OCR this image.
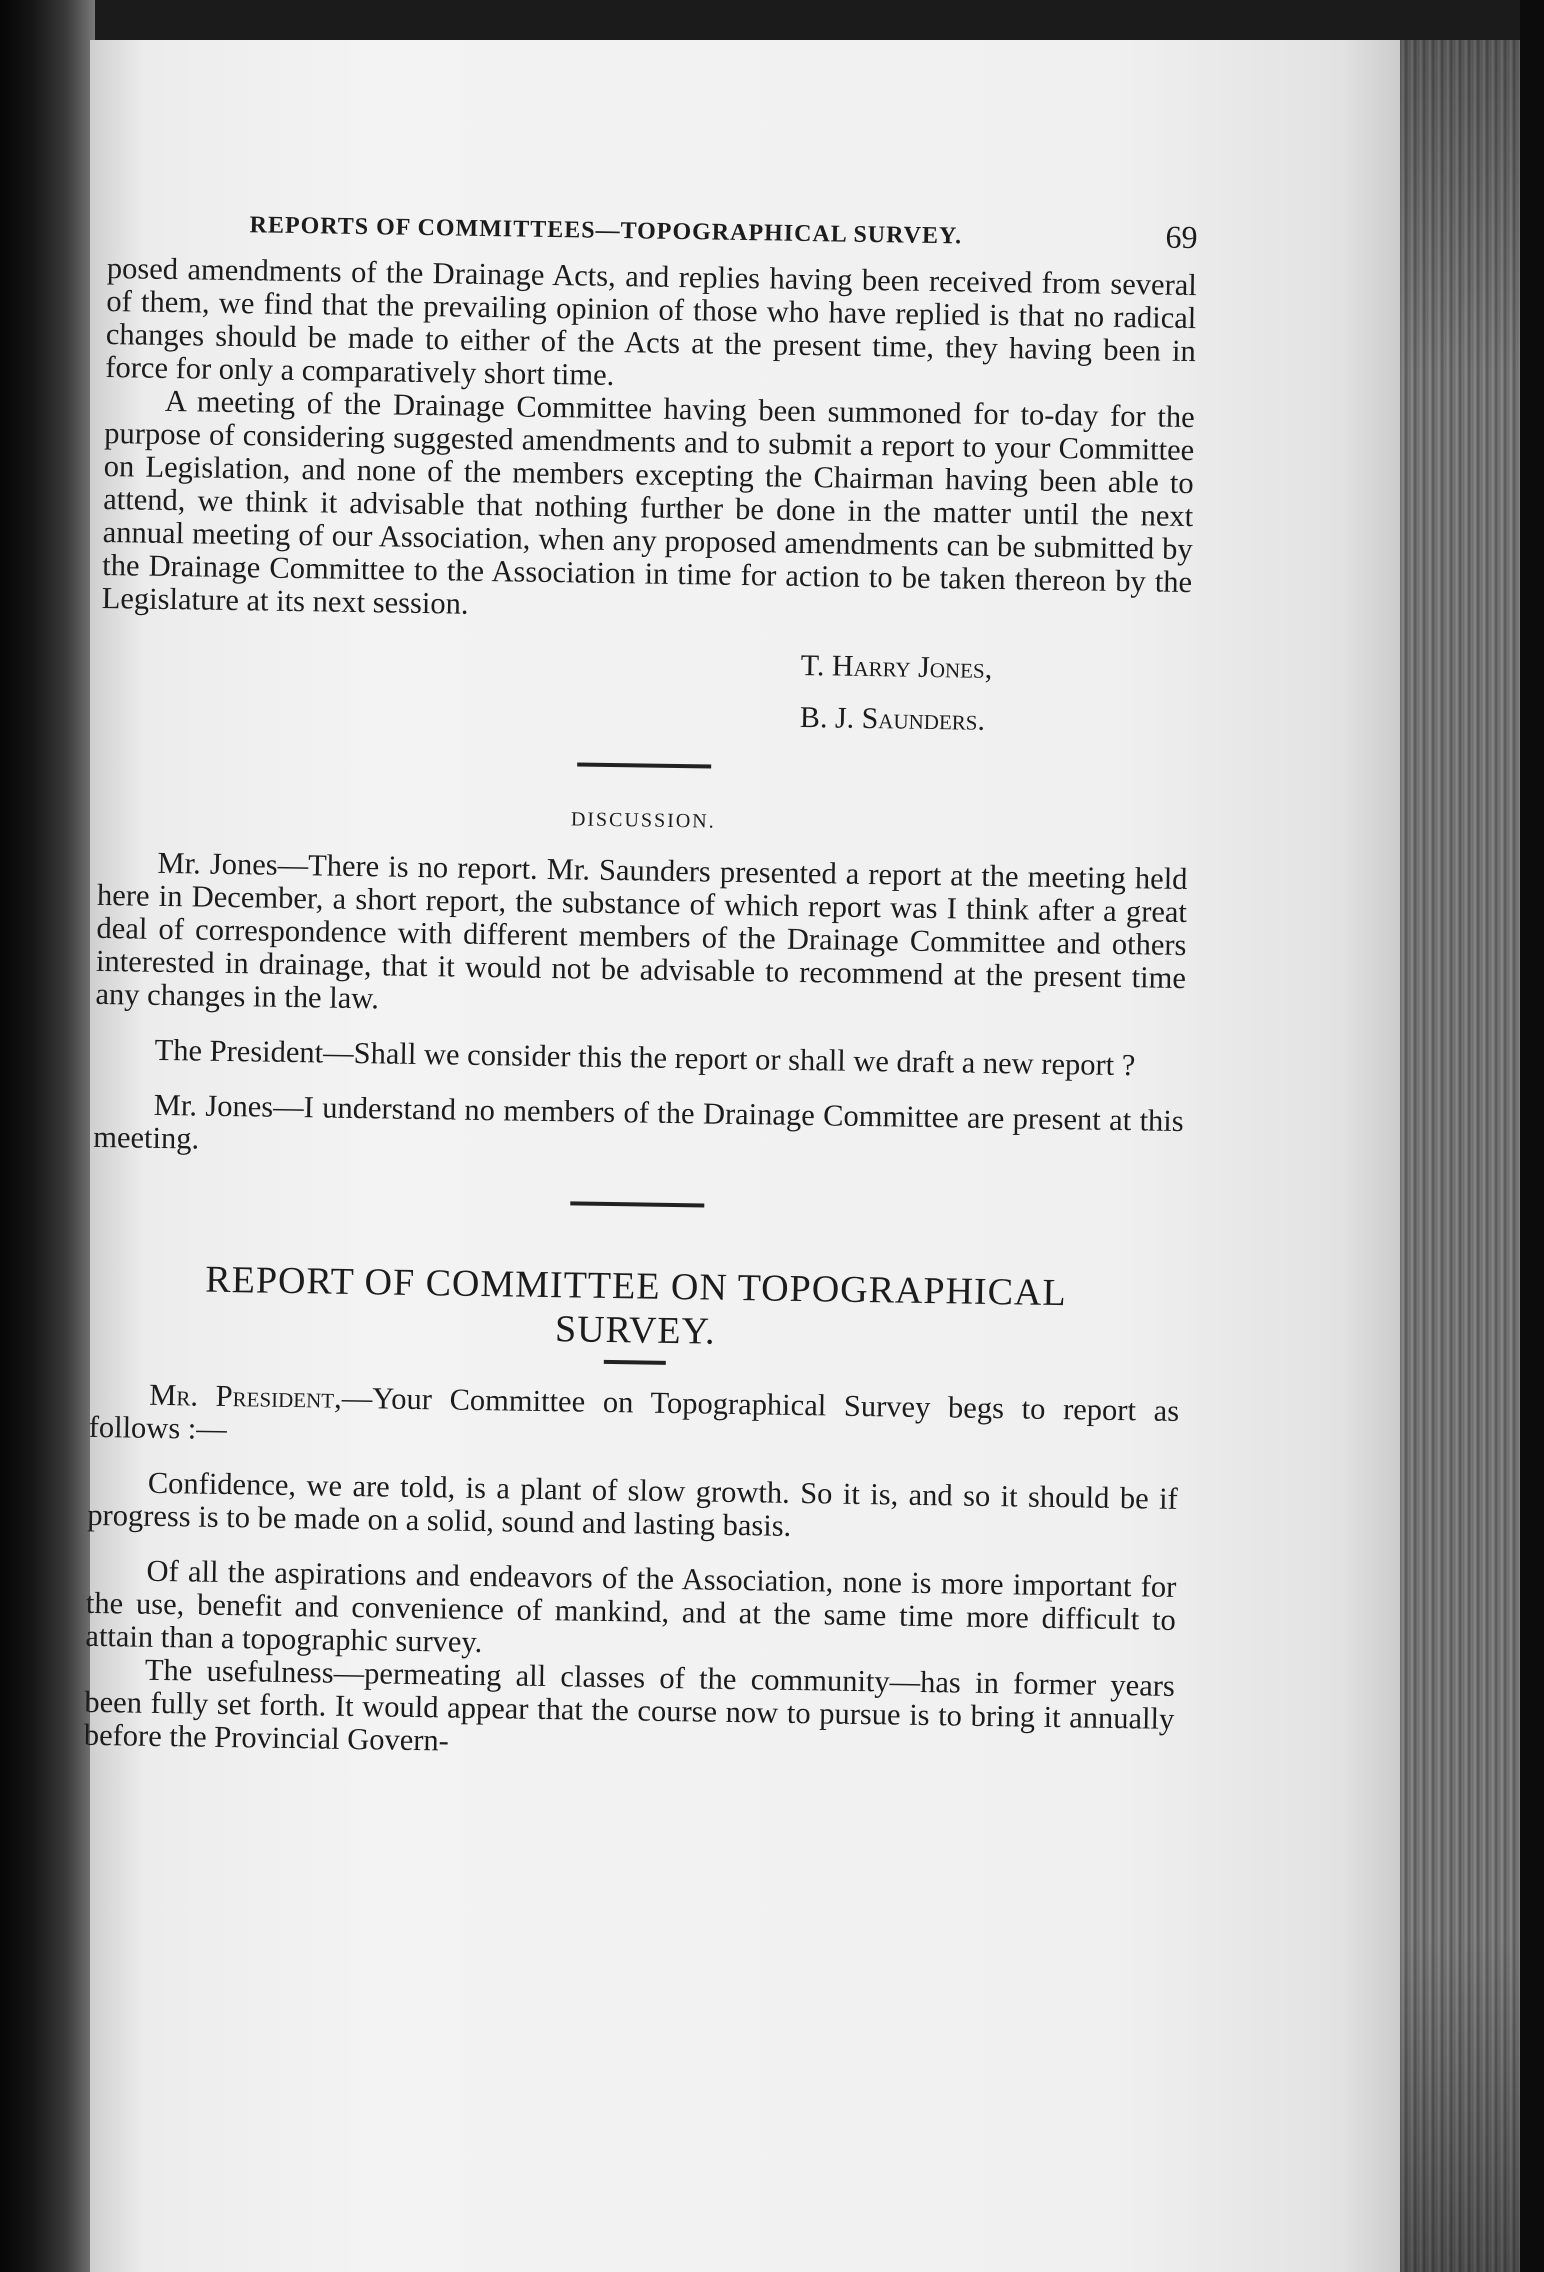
REPORTS OF COMMITTEES—TOPOGRAPHICAL SURVEY.	69

posed amendments of the Drainage Acts, and replies having been received from several of them, we find that the prevailing opinion of those who have replied is that no radical changes should be made to either of the Acts at the present time, they having been in force for only a comparatively short time.

A meeting of the Drainage Committee having been summoned for to-day for the purpose of considering suggested amendments and to submit a report to your Committee on Legislation, and none of the members excepting the Chairman having been able to attend, we think it advisable that nothing further be done in the matter until the next annual meeting of our Association, when any proposed amendments can be submitted by the Drainage Committee to the Association in time for action to be taken thereon by the Legislature at its next session.

T. Harry Jones,
B. J. Saunders.
DISCUSSION.

Mr. Jones—There is no report. Mr. Saunders presented a report at the meeting held here in December, a short report, the substance of which report was I think after a great deal of correspondence with different members of the Drainage Committee and others interested in drainage, that it would not be advisable to recommend at the present time any changes in the law.

The President—Shall we consider this the report or shall we draft a new report ?

Mr. Jones—I understand no members of the Drainage Committee are present at this meeting.

REPORT OF COMMITTEE ON TOPOGRAPHICAL SURVEY.

Mr. President,—Your Committee on Topographical Survey begs to report as follows :—

Confidence, we are told, is a plant of slow growth. So it is, and so it should be if progress is to be made on a solid, sound and lasting basis.

Of all the aspirations and endeavors of the Association, none is more important for the use, benefit and convenience of mankind, and at the same time more difficult to attain than a topographic survey.

The usefulness—permeating all classes of the community—has in former years been fully set forth. It would appear that the course now to pursue is to bring it annually before the Provincial Govern-
